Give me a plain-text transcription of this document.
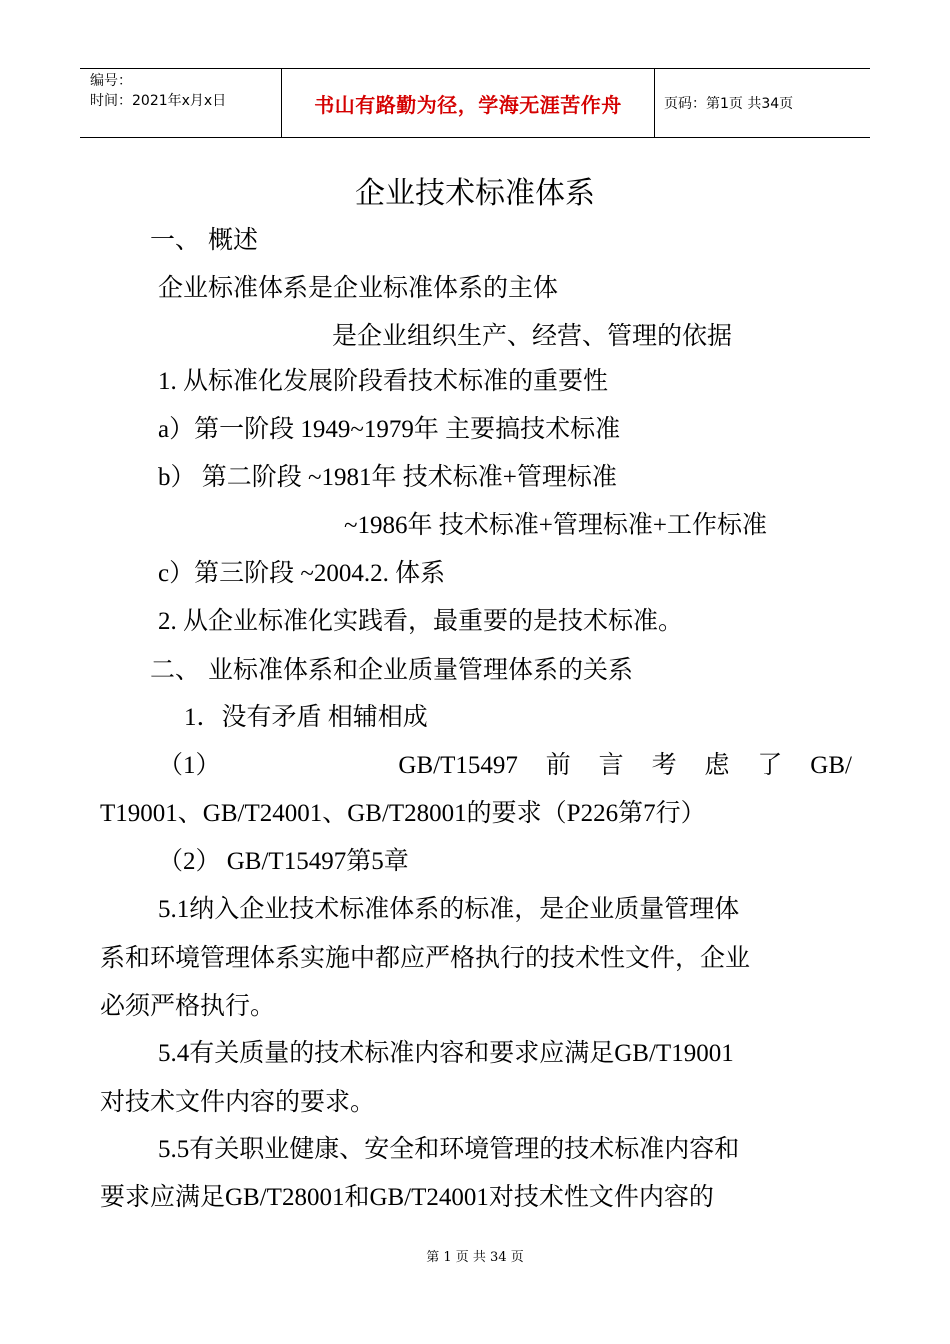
编号：
时间：2021年x月x日	书山有路勤为径，学海无涯苦作舟	页码：第1页 共34页
企业技术标准体系
一、 概述
企业标准体系是企业标准体系的主体
是企业组织生产、经营、管理的依据
1. 从标准化发展阶段看技术标准的重要性
a）第一阶段 1949~1979年 主要搞技术标准
b） 第二阶段 ~1981年 技术标准+管理标准
~1986年 技术标准+管理标准+工作标准
c）第三阶段 ~2004.2. 体系
2. 从企业标准化实践看，最重要的是技术标准。
二、 业标准体系和企业质量管理体系的关系
1．没有矛盾 相辅相成
（1）	GB/T15497 前 言 考 虑 了 GB/
T19001、GB/T24001、GB/T28001的要求（P226第7行）
（2） GB/T15497第5章
5.1纳入企业技术标准体系的标准，是企业质量管理体
系和环境管理体系实施中都应严格执行的技术性文件，企业
必须严格执行。
5.4有关质量的技术标准内容和要求应满足GB/T19001
对技术文件内容的要求。
5.5有关职业健康、安全和环境管理的技术标准内容和
要求应满足GB/T28001和GB/T24001对技术性文件内容的
第 1 页 共 34 页
